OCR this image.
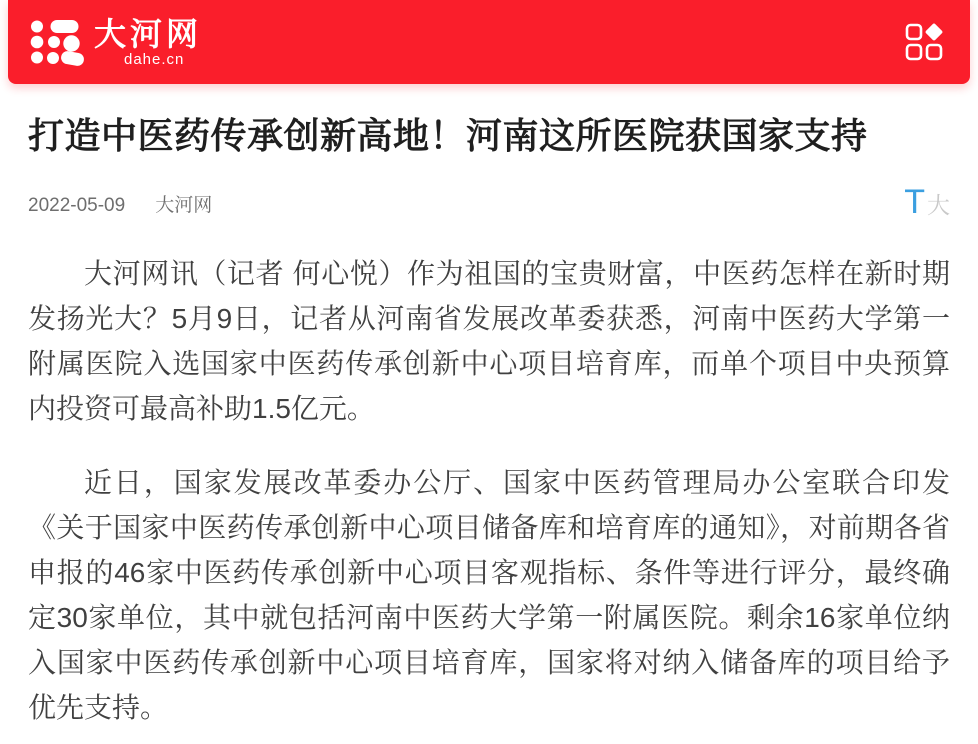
大河网
dahe.cn
打造中医药传承创新高地！河南这所医院获国家支持
2022-05-09 大河网	T 大

大河网讯（记者 何心悦）作为祖国的宝贵财富，中医药怎样在新时期发扬光大？5月9日，记者从河南省发展改革委获悉，河南中医药大学第一附属医院入选国家中医药传承创新中心项目培育库，而单个项目中央预算内投资可最高补助1.5亿元。

近日，国家发展改革委办公厅、国家中医药管理局办公室联合印发《关于国家中医药传承创新中心项目储备库和培育库的通知》，对前期各省申报的46家中医药传承创新中心项目客观指标、条件等进行评分，最终确定30家单位，其中就包括河南中医药大学第一附属医院。剩余16家单位纳入国家中医药传承创新中心项目培育库，国家将对纳入储备库的项目给予优先支持。
